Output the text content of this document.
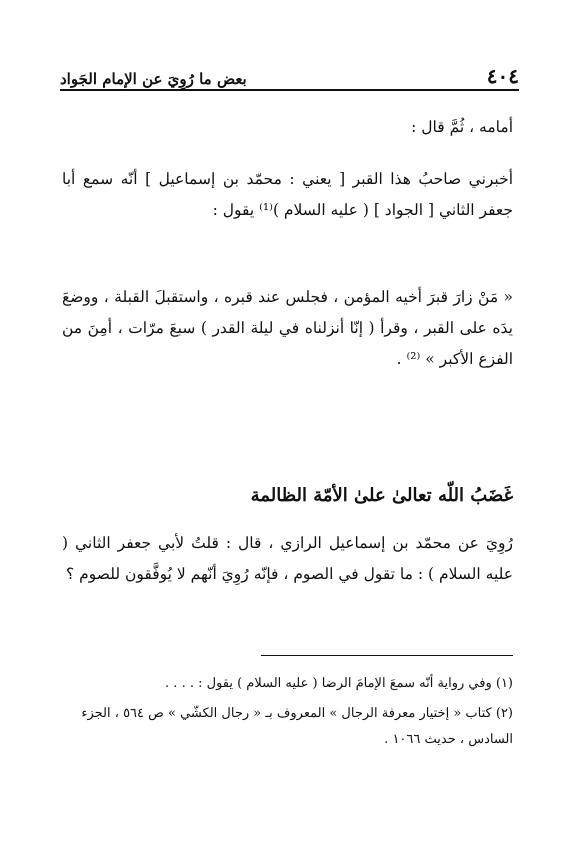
٤٠٤
بعض ما رُوِيَ عن الإمام الجَواد

أمامه ، ثُمَّ قال :

أخبرني صاحبُ هذا القبر [ يعني : محمّد بن إسماعيل ] أنّه سمع أبا جعفر الثاني [ الجواد ] ( عليه السلام )⁽¹⁾ يقول :

« مَنْ زارَ قبرَ أخيه المؤمن ، فجلس عند قبره ، واستقبلَ القبلة ، ووضعَ يدَه على القبر ، وقرأ ( إنّا أنزلناه في ليلة القدر ) سبعَ مرّات ، أمِنَ من الفزع الأكبر » ⁽²⁾ .

غَضَبُ اللّه تعالىٰ علىٰ الأمّة الظالمة

رُوِيَ عن محمّد بن إسماعيل الرازي ، قال : قلتُ لأبي جعفر الثاني ( عليه السلام ) : ما تقول في الصوم ، فإنّه رُوِيَ أنّهم لا يُوفَّقون للصوم ؟

(١) وفي رواية أنّه سمعَ الإمامَ الرضا ( عليه السلام ) يقول : . . . .

(٢) كتاب « إختيار معرفة الرجال » المعروف بـ « رجال الكشّي » ص ٥٦٤ ، الجزء السادس ، حديث ١٠٦٦ .
